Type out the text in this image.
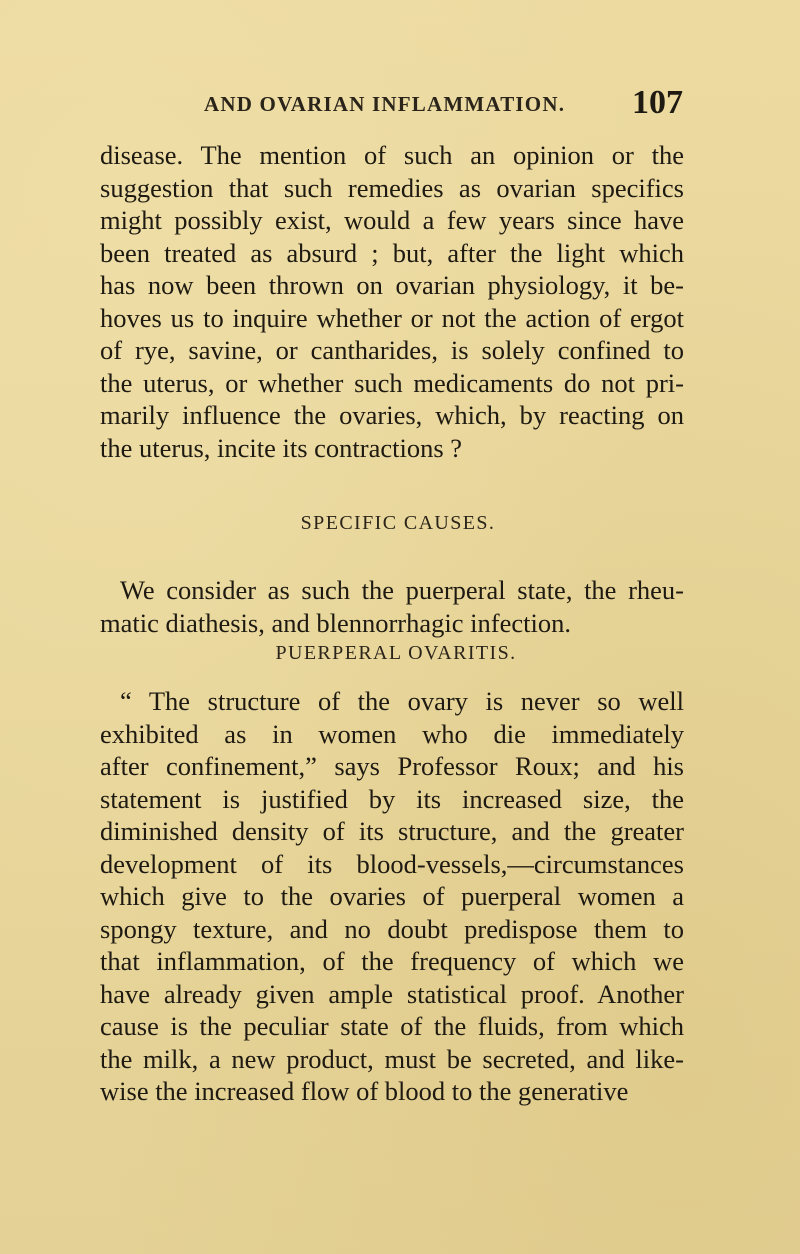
AND OVARIAN INFLAMMATION. 107
disease. The mention of such an opinion or the
suggestion that such remedies as ovarian specifics
might possibly exist, would a few years since have
been treated as absurd ; but, after the light which
has now been thrown on ovarian physiology, it be-
hoves us to inquire whether or not the action of ergot
of rye, savine, or cantharides, is solely confined to
the uterus, or whether such medicaments do not pri-
marily influence the ovaries, which, by reacting on
the uterus, incite its contractions ?
SPECIFIC CAUSES.
We consider as such the puerperal state, the rheu-
matic diathesis, and blennorrhagic infection.
PUERPERAL OVARITIS.
“ The structure of the ovary is never so well
exhibited as in women who die immediately
after confinement,” says Professor Roux; and his
statement is justified by its increased size, the
diminished density of its structure, and the greater
development of its blood-vessels,—circumstances
which give to the ovaries of puerperal women a
spongy texture, and no doubt predispose them to
that inflammation, of the frequency of which we
have already given ample statistical proof. Another
cause is the peculiar state of the fluids, from which
the milk, a new product, must be secreted, and like-
wise the increased flow of blood to the generative
